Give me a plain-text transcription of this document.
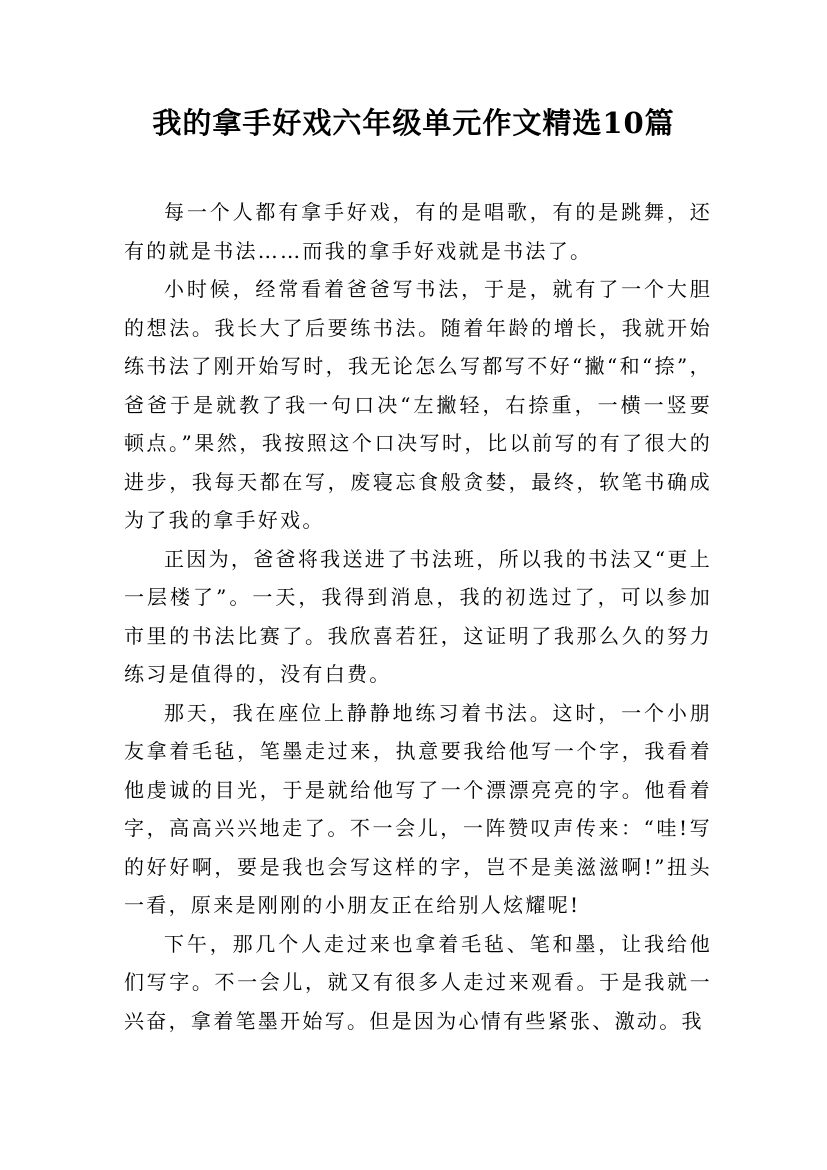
我的拿手好戏六年级单元作文精选10篇

每一个人都有拿手好戏，有的是唱歌，有的是跳舞，还有的就是书法……而我的拿手好戏就是书法了。

小时候，经常看着爸爸写书法，于是，就有了一个大胆的想法。我长大了后要练书法。随着年龄的增长，我就开始练书法了刚开始写时，我无论怎么写都写不好“撇“和“捺”，爸爸于是就教了我一句口决“左撇轻，右捺重，一横一竖要顿点。”果然，我按照这个口决写时，比以前写的有了很大的进步，我每天都在写，废寝忘食般贪婪，最终，软笔书确成为了我的拿手好戏。

正因为，爸爸将我送进了书法班，所以我的书法又“更上一层楼了”。一天，我得到消息，我的初选过了，可以参加市里的书法比赛了。我欣喜若狂，这证明了我那么久的努力练习是值得的，没有白费。

那天，我在座位上静静地练习着书法。这时，一个小朋友拿着毛毡，笔墨走过来，执意要我给他写一个字，我看着他虔诚的目光，于是就给他写了一个漂漂亮亮的字。他看着字，高高兴兴地走了。不一会儿，一阵赞叹声传来：“哇!写的好好啊，要是我也会写这样的字，岂不是美滋滋啊!”扭头一看，原来是刚刚的小朋友正在给别人炫耀呢!

下午，那几个人走过来也拿着毛毡、笔和墨，让我给他们写字。不一会儿，就又有很多人走过来观看。于是我就一兴奋，拿着笔墨开始写。但是因为心情有些紧张、激动。我
